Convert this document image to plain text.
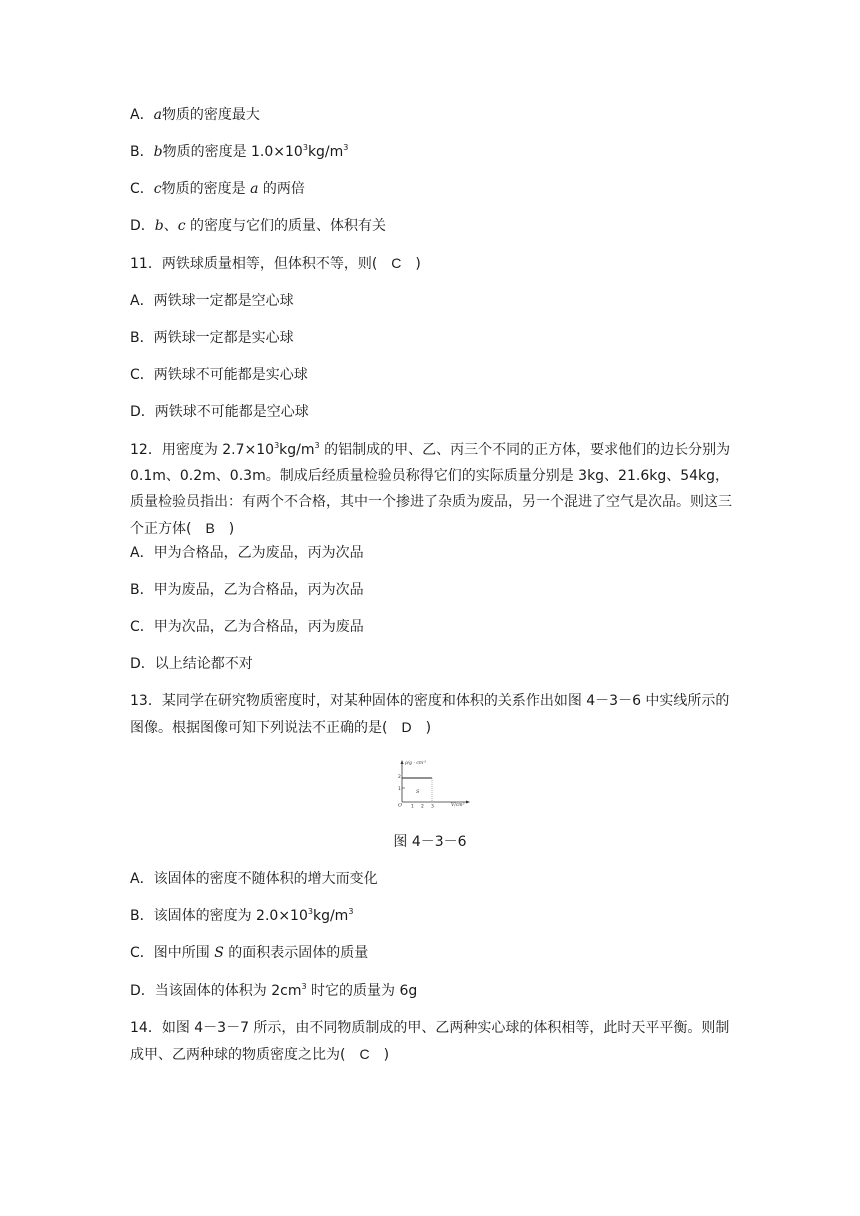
A．a物质的密度最大
B．b物质的密度是 $1.0\times 10^3kg/m^3$
C．c物质的密度是 a 的两倍
D．b、c 的密度与它们的质量、体积有关
11．两铁球质量相等，但体积不等，则(　C　)
A．两铁球一定都是空心球
B．两铁球一定都是实心球
C．两铁球不可能都是实心球
D．两铁球不可能都是空心球
12．用密度为 $2.7\times 10^3kg/m^3$ 的铝制成的甲、乙、丙三个不同的正方体，要求他们的边长分别为 0.1m、0.2m、0.3m。制成后经质量检验员称得它们的实际质量分别是 3kg、21.6kg、54kg，质量检验员指出：有两个不合格，其中一个掺进了杂质为废品，另一个混进了空气是次品。则这三个正方体(　B　)
A．甲为合格品，乙为废品，丙为次品
B．甲为废品，乙为合格品，丙为次品
C．甲为次品，乙为合格品，丙为废品
D．以上结论都不对
13．某同学在研究物质密度时，对某种固体的密度和体积的关系作出如图 4－3－6 中实线所示的图像。根据图像可知下列说法不正确的是(　D　)
$\rho/g \cdot cm^{-3}$
$V/cm^3$
O
1
2
1 2 3
S
图 4－3－6
A．该固体的密度不随体积的增大而变化
B．该固体的密度为 $2.0\times 10^3kg/m^3$
C．图中所围 S 的面积表示固体的质量
D．当该固体的体积为 $2cm^3$ 时它的质量为 6g
14．如图 4－3－7 所示，由不同物质制成的甲、乙两种实心球的体积相等，此时天平平衡。则制成甲、乙两种球的物质密度之比为(　C　)
